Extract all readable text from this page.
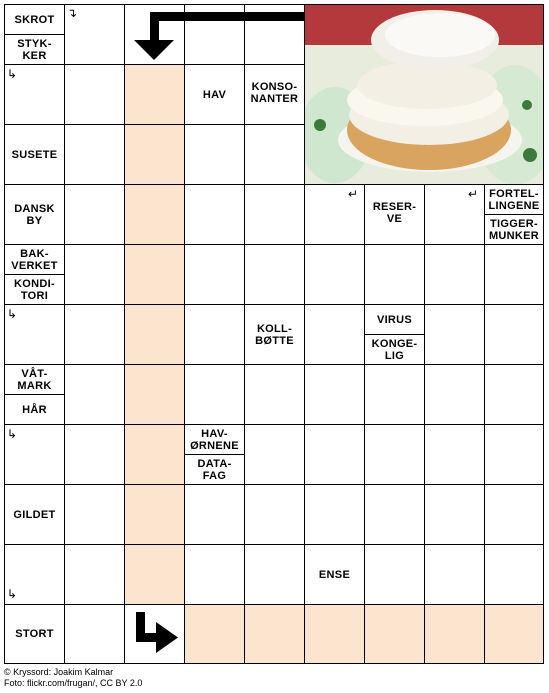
SKROT
STYK-
KER
↴
↳
HAV
KONSO-
NANTER
SUSETE
DANSK
BY
↵
RESER-
VE
↵	FORTEL-
LINGENE
TIGGER-
MUNKER
BAK-
VERKET
KONDI-
TORI
↳
KOLL-
BØTTE
VIRUS
KONGE-
LIG
VÅT-
MARK
HÅR
↳	HAV-
ØRNENE
DATA-
FAG
GILDET
↳
ENSE
STORT
© Kryssord: Joakim Kalmar
Foto: flickr.com/frugan/, CC BY 2.0
